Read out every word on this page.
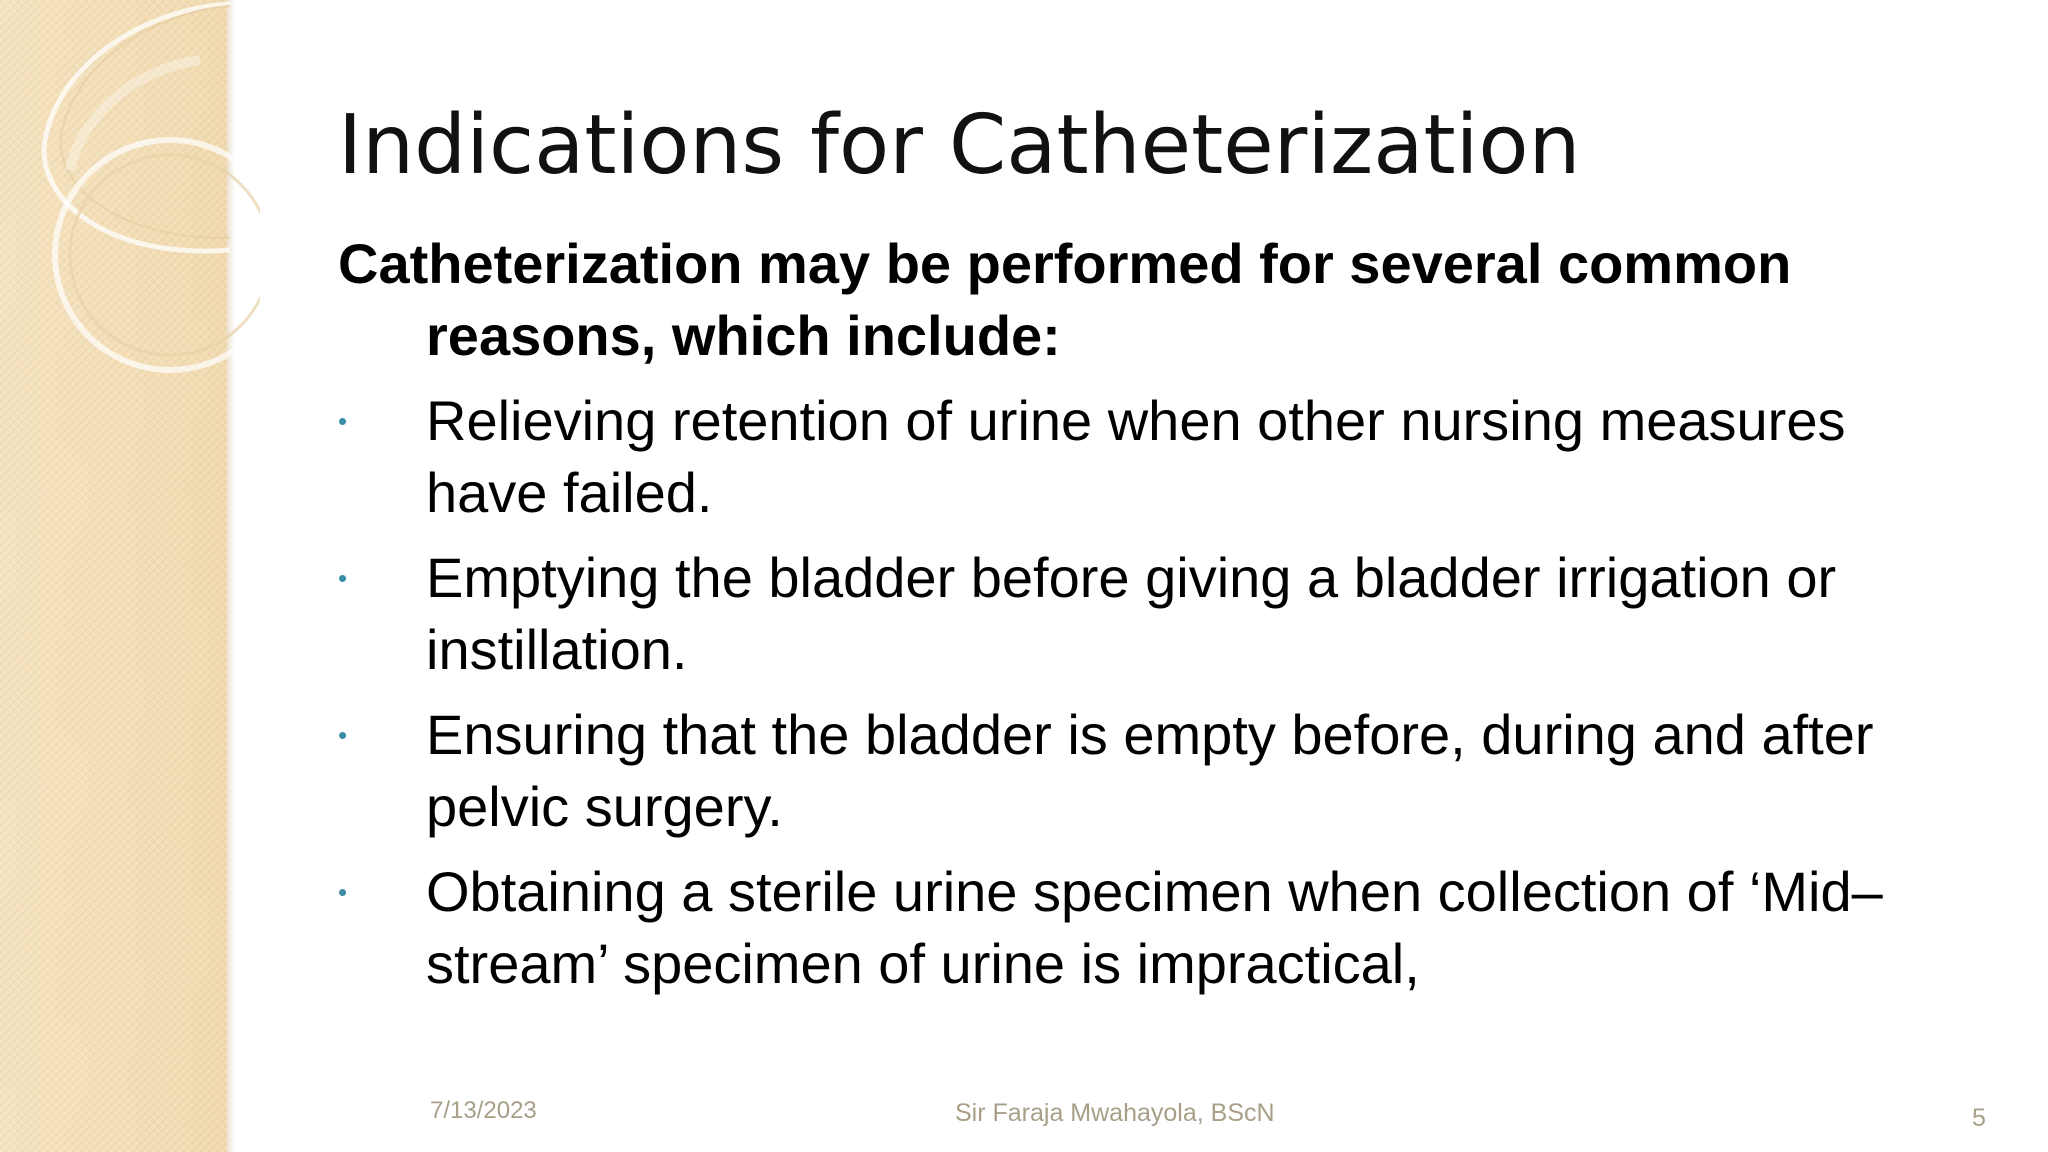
Indications for Catheterization

Catheterization may be performed for several common reasons, which include:

• Relieving retention of urine when other nursing measures have failed.
• Emptying the bladder before giving a bladder irrigation or instillation.
• Ensuring that the bladder is empty before, during and after pelvic surgery.
• Obtaining a sterile urine specimen when collection of ‘Mid–stream’ specimen of urine is impractical,
7/13/2023	Sir Faraja Mwahayola, BScN	5
